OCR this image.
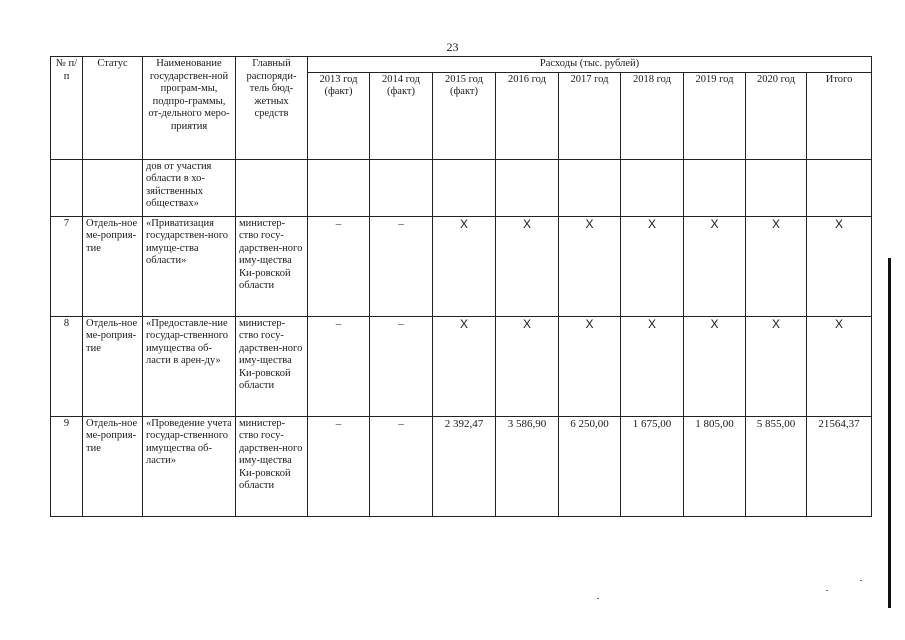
23
№ п/п	Статус	Наименование государствен-ной програм-мы, подпро-граммы, от-дельного меро-приятия	Главный распоряди-тель бюд-жетных средств	Расходы (тыс. рублей)								
				2013 год (факт)	2014 год (факт)	2015 год (факт)	2016 год	2017 год	2018 год	2019 год	2020 год	Итого
		дов от участия области в хо-зяйственных обществах»										
7	Отдель-ное ме-роприя-тие	«Приватизация государствен-ного имуще-ства области»	министер-ство госу-дарствен-ного иму-щества Ки-ровской области	–	–	X	X	X	X	X	X	X
8	Отдель-ное ме-роприя-тие	«Предоставле-ние государ-ственного имущества об-ласти в арен-ду»	министер-ство госу-дарствен-ного иму-щества Ки-ровской области	–	–	X	X	X	X	X	X	X
9	Отдель-ное ме-роприя-тие	«Проведение учета государ-ственного имущества об-ласти»	министер-ство госу-дарствен-ного иму-щества Ки-ровской области	–	–	2 392,47	3 586,90	6 250,00	1 675,00	1 805,00	5 855,00	21564,37
